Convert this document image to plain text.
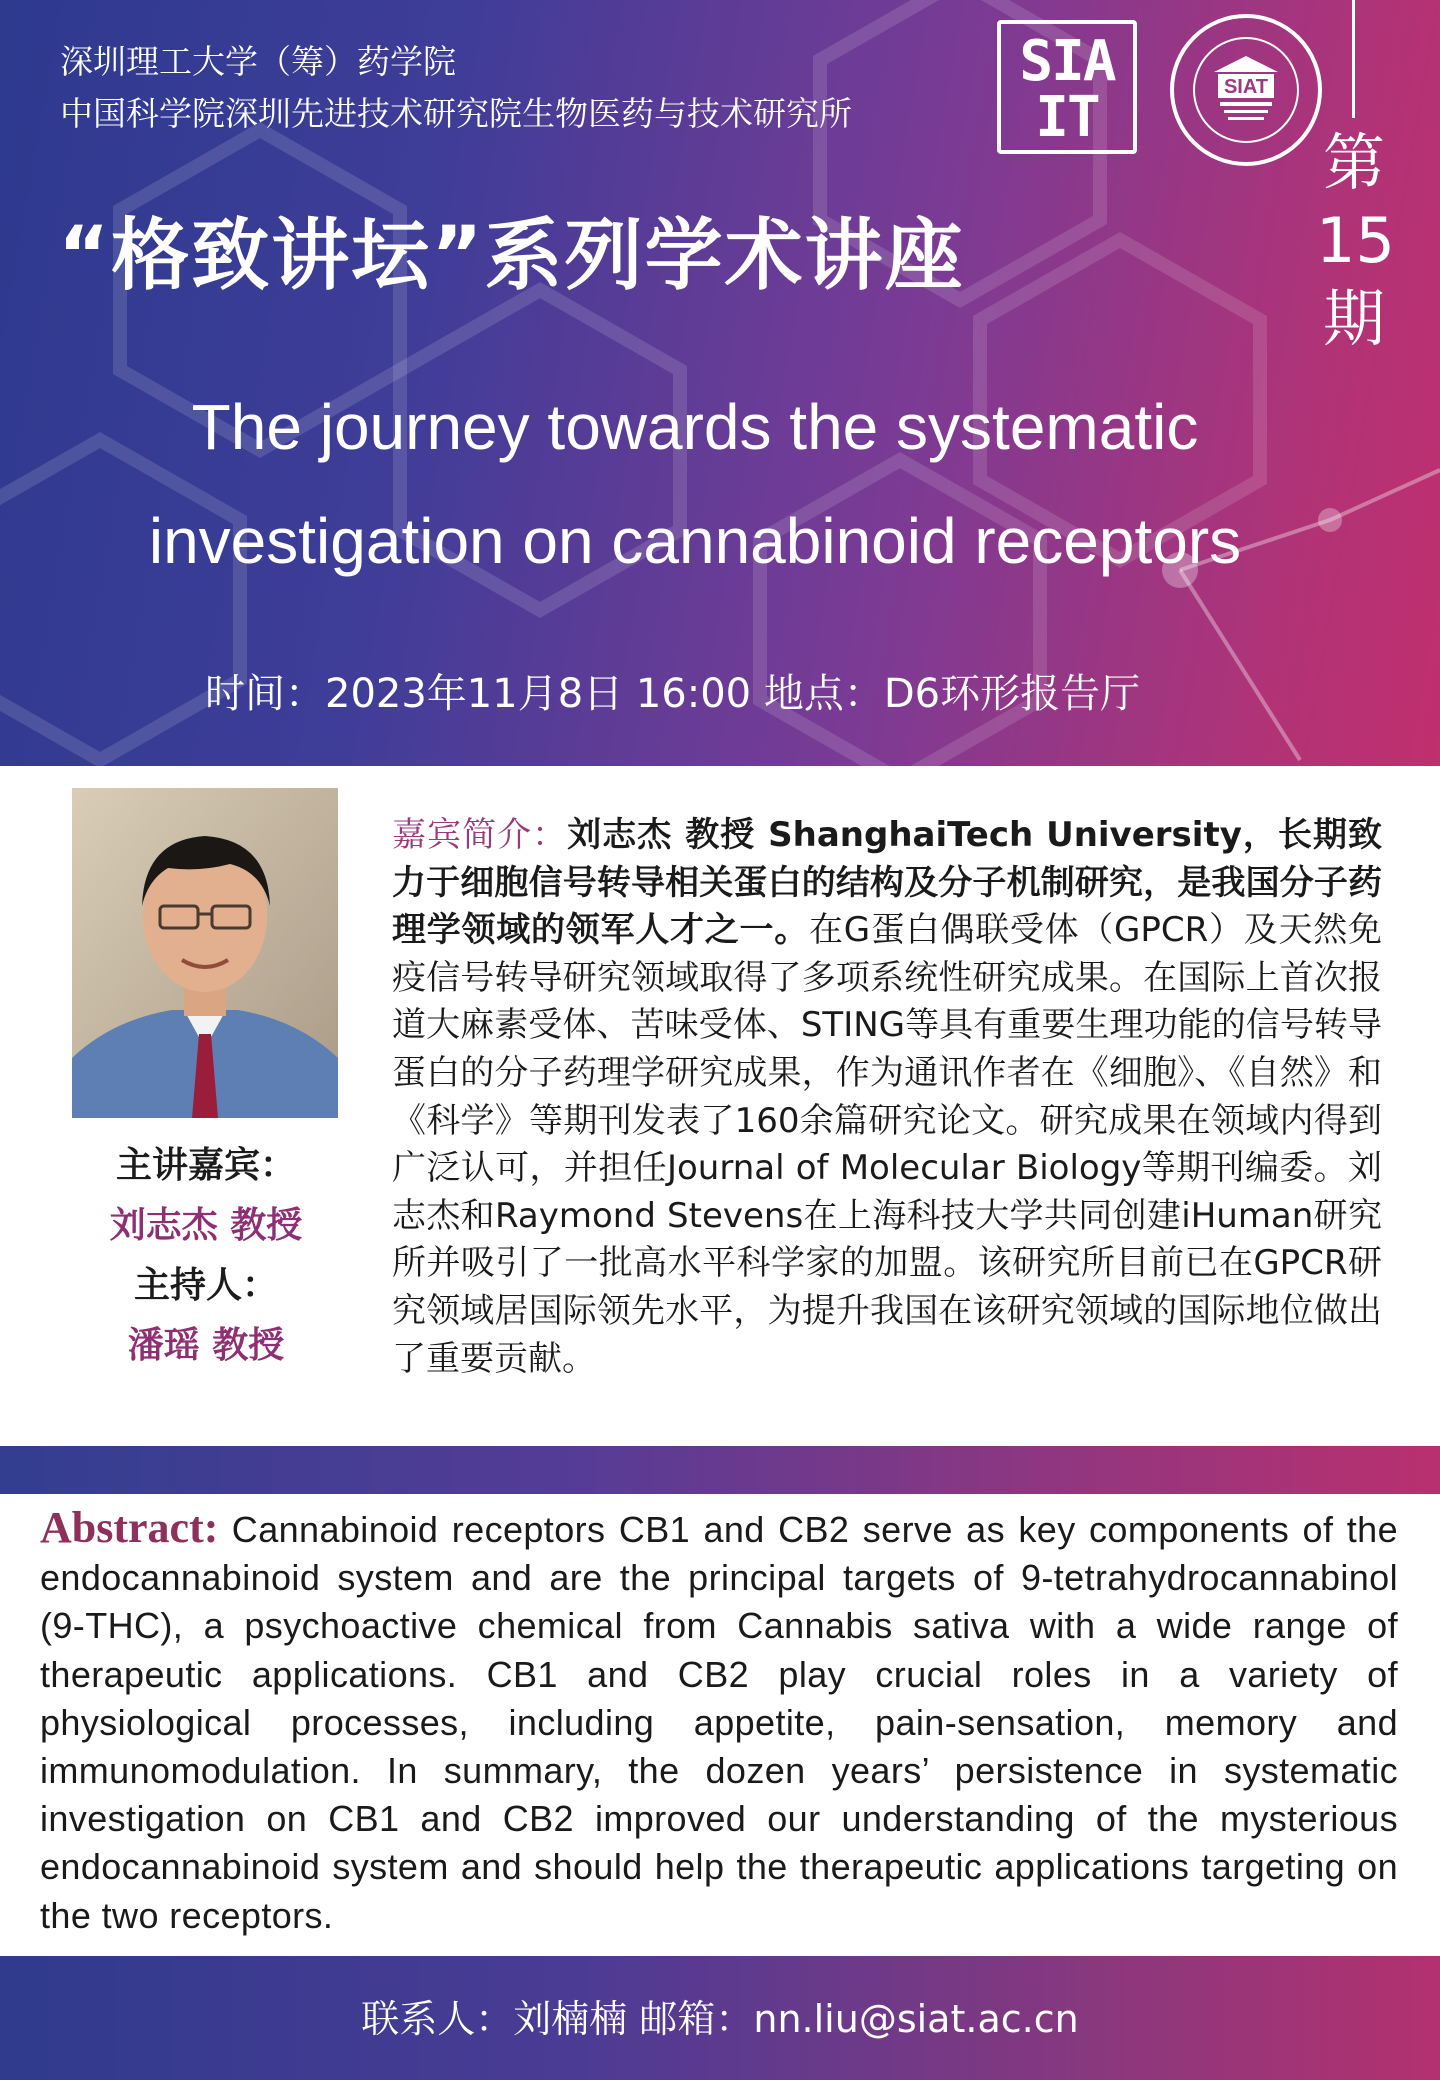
深圳理工大学（筹）药学院
中国科学院深圳先进技术研究院生物医药与技术研究所
SIA
IT	SIAT
第
15
期
“格致讲坛”系列学术讲座
The journey towards the systematic
investigation on cannabinoid receptors
时间：2023年11月8日 16:00 地点：D6环形报告厅
主讲嘉宾：
刘志杰 教授
主持人：
潘瑶 教授
嘉宾简介：刘志杰 教授 ShanghaiTech University，长期致力于细胞信号转导相关蛋白的结构及分子机制研究，是我国分子药理学领域的领军人才之一。在G蛋白偶联受体（GPCR）及天然免疫信号转导研究领域取得了多项系统性研究成果。在国际上首次报道大麻素受体、苦味受体、STING等具有重要生理功能的信号转导蛋白的分子药理学研究成果，作为通讯作者在《细胞》、《自然》和《科学》等期刊发表了160余篇研究论文。研究成果在领域内得到广泛认可，并担任Journal of Molecular Biology等期刊编委。刘志杰和Raymond Stevens在上海科技大学共同创建iHuman研究所并吸引了一批高水平科学家的加盟。该研究所目前已在GPCR研究领域居国际领先水平，为提升我国在该研究领域的国际地位做出了重要贡献。
Abstract: Cannabinoid receptors CB1 and CB2 serve as key components of the endocannabinoid system and are the principal targets of 9-tetrahydrocannabinol (9-THC), a psychoactive chemical from Cannabis sativa with a wide range of therapeutic applications. CB1 and CB2 play crucial roles in a variety of physiological processes, including appetite, pain-sensation, memory and immunomodulation. In summary, the dozen years’ persistence in systematic investigation on CB1 and CB2 improved our understanding of the mysterious endocannabinoid system and should help the therapeutic applications targeting on the two receptors.
联系人：刘楠楠 邮箱：nn.liu@siat.ac.cn
